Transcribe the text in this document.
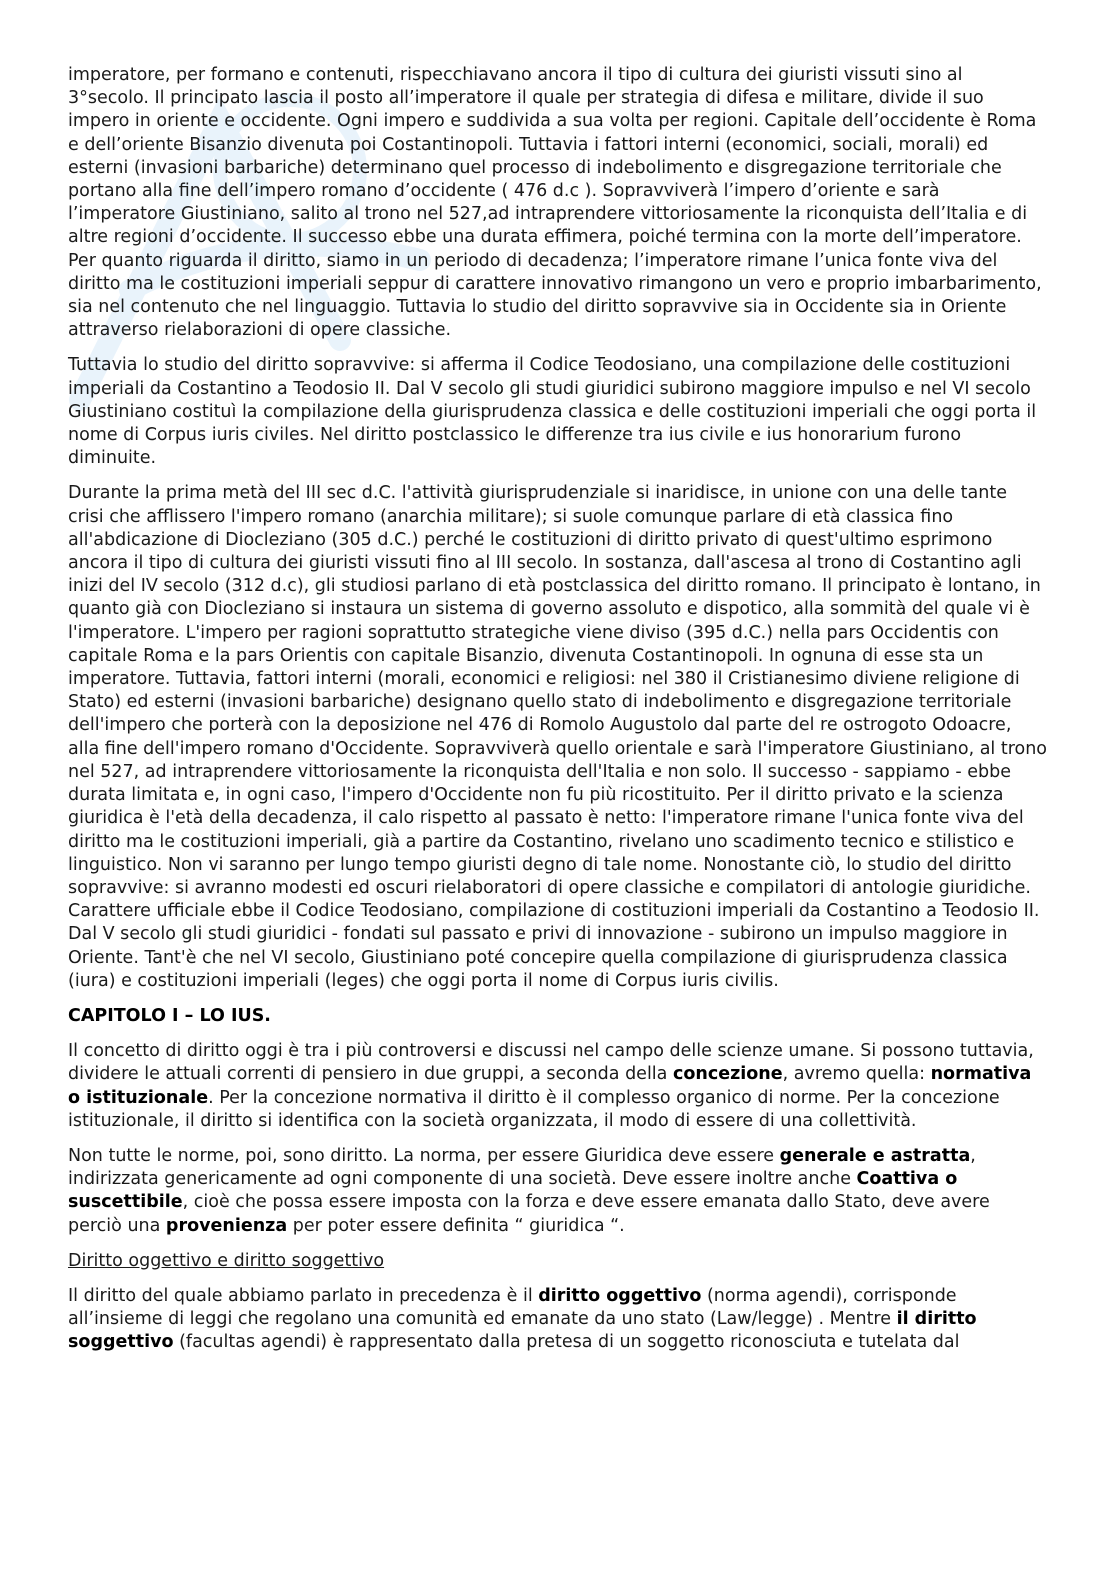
imperatore, per formano e contenuti, rispecchiavano ancora il tipo di cultura dei giuristi vissuti sino al 3°secolo. Il principato lascia il posto all’imperatore il quale per strategia di difesa e militare, divide il suo impero in oriente e occidente. Ogni impero e suddivida a sua volta per regioni. Capitale dell’occidente è Roma e dell’oriente Bisanzio divenuta poi Costantinopoli. Tuttavia i fattori interni (economici, sociali, morali) ed esterni (invasioni barbariche) determinano quel processo di indebolimento e disgregazione territoriale che portano alla fine dell’impero romano d’occidente ( 476 d.c ). Sopravviverà l’impero d’oriente e sarà l’imperatore Giustiniano, salito al trono nel 527,ad intraprendere vittoriosamente la riconquista dell’Italia e di altre regioni d’occidente. Il successo ebbe una durata effimera, poiché termina con la morte dell’imperatore. Per quanto riguarda il diritto, siamo in un periodo di decadenza; l’imperatore rimane l’unica fonte viva del diritto ma le costituzioni imperiali seppur di carattere innovativo rimangono un vero e proprio imbarbarimento, sia nel contenuto che nel linguaggio. Tuttavia lo studio del diritto sopravvive sia in Occidente sia in Oriente attraverso rielaborazioni di opere classiche.

Tuttavia lo studio del diritto sopravvive: si afferma il Codice Teodosiano, una compilazione delle costituzioni imperiali da Costantino a Teodosio II. Dal V secolo gli studi giuridici subirono maggiore impulso e nel VI secolo Giustiniano costituì la compilazione della giurisprudenza classica e delle costituzioni imperiali che oggi porta il nome di Corpus iuris civiles. Nel diritto postclassico le differenze tra ius civile e ius honorarium furono diminuite.

Durante la prima metà del III sec d.C. l'attività giurisprudenziale si inaridisce, in unione con una delle tante crisi che afflissero l'impero romano (anarchia militare); si suole comunque parlare di età classica fino all'abdicazione di Diocleziano (305 d.C.) perché le costituzioni di diritto privato di quest'ultimo esprimono ancora il tipo di cultura dei giuristi vissuti fino al III secolo. In sostanza, dall'ascesa al trono di Costantino agli inizi del IV secolo (312 d.c), gli studiosi parlano di età postclassica del diritto romano. Il principato è lontano, in quanto già con Diocleziano si instaura un sistema di governo assoluto e dispotico, alla sommità del quale vi è l'imperatore. L'impero per ragioni soprattutto strategiche viene diviso (395 d.C.) nella pars Occidentis con capitale Roma e la pars Orientis con capitale Bisanzio, divenuta Costantinopoli. In ognuna di esse sta un imperatore. Tuttavia, fattori interni (morali, economici e religiosi: nel 380 il Cristianesimo diviene religione di Stato) ed esterni (invasioni barbariche) designano quello stato di indebolimento e disgregazione territoriale dell'impero che porterà con la deposizione nel 476 di Romolo Augustolo dal parte del re ostrogoto Odoacre, alla fine dell'impero romano d'Occidente. Sopravviverà quello orientale e sarà l'imperatore Giustiniano, al trono nel 527, ad intraprendere vittoriosamente la riconquista dell'Italia e non solo. Il successo - sappiamo - ebbe durata limitata e, in ogni caso, l'impero d'Occidente non fu più ricostituito. Per il diritto privato e la scienza giuridica è l'età della decadenza, il calo rispetto al passato è netto: l'imperatore rimane l'unica fonte viva del diritto ma le costituzioni imperiali, già a partire da Costantino, rivelano uno scadimento tecnico e stilistico e linguistico. Non vi saranno per lungo tempo giuristi degno di tale nome. Nonostante ciò, lo studio del diritto sopravvive: si avranno modesti ed oscuri rielaboratori di opere classiche e compilatori di antologie giuridiche. Carattere ufficiale ebbe il Codice Teodosiano, compilazione di costituzioni imperiali da Costantino a Teodosio II. Dal V secolo gli studi giuridici - fondati sul passato e privi di innovazione - subirono un impulso maggiore in Oriente. Tant'è che nel VI secolo, Giustiniano poté concepire quella compilazione di giurisprudenza classica (iura) e costituzioni imperiali (leges) che oggi porta il nome di Corpus iuris civilis.

CAPITOLO I – LO IUS.

Il concetto di diritto oggi è tra i più controversi e discussi nel campo delle scienze umane. Si possono tuttavia, dividere le attuali correnti di pensiero in due gruppi, a seconda della concezione, avremo quella: normativa o istituzionale. Per la concezione normativa il diritto è il complesso organico di norme. Per la concezione istituzionale, il diritto si identifica con la società organizzata, il modo di essere di una collettività.

Non tutte le norme, poi, sono diritto. La norma, per essere Giuridica deve essere generale e astratta, indirizzata genericamente ad ogni componente di una società. Deve essere inoltre anche Coattiva o suscettibile, cioè che possa essere imposta con la forza e deve essere emanata dallo Stato, deve avere perciò una provenienza per poter essere definita “ giuridica “.

Diritto oggettivo e diritto soggettivo

Il diritto del quale abbiamo parlato in precedenza è il diritto oggettivo (norma agendi), corrisponde all’insieme di leggi che regolano una comunità ed emanate da uno stato (Law/legge) . Mentre il diritto soggettivo (facultas agendi) è rappresentato dalla pretesa di un soggetto riconosciuta e tutelata dal
